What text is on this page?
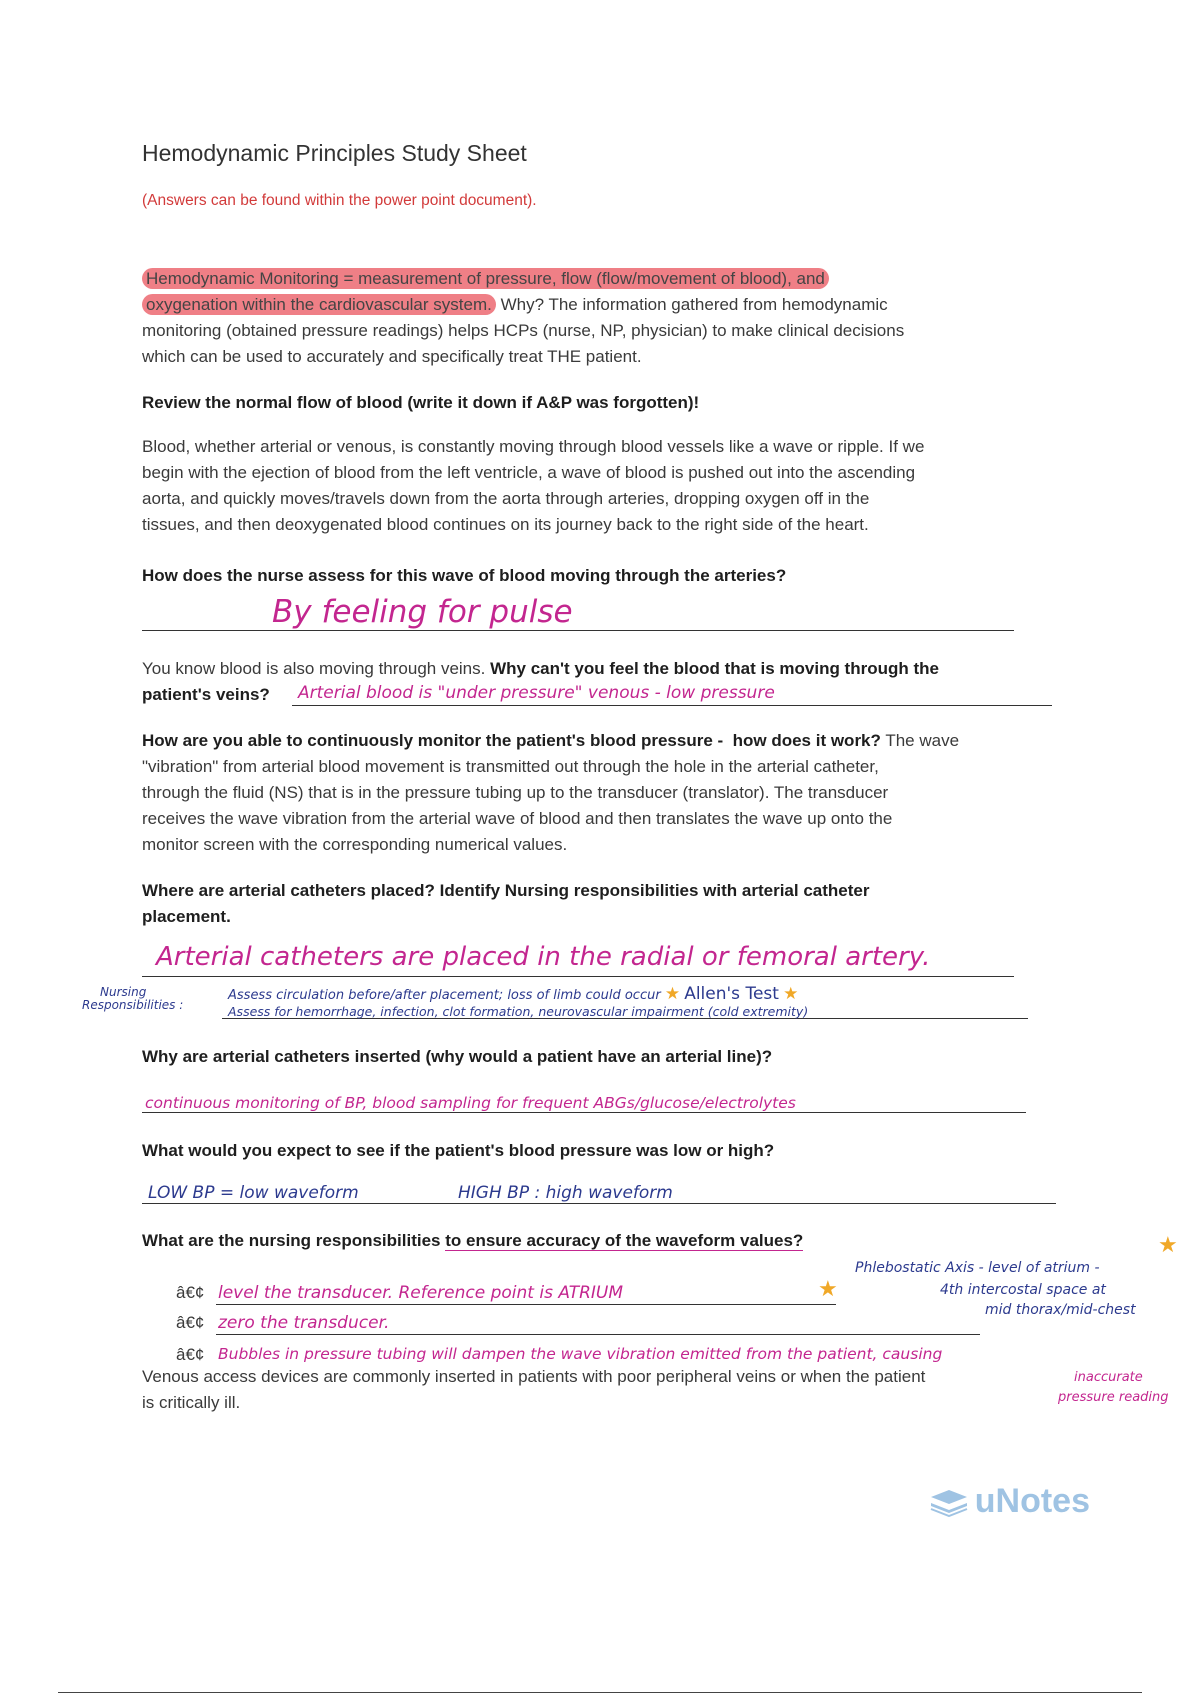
Hemodynamic Principles Study Sheet
(Answers can be found within the power point document).
Hemodynamic Monitoring = measurement of pressure, flow (flow/movement of blood), and
oxygenation within the cardiovascular system. Why? The information gathered from hemodynamic
monitoring (obtained pressure readings) helps HCPs (nurse, NP, physician) to make clinical decisions
which can be used to accurately and specifically treat THE patient.
Review the normal flow of blood (write it down if A&P was forgotten)!
Blood, whether arterial or venous, is constantly moving through blood vessels like a wave or ripple. If we
begin with the ejection of blood from the left ventricle, a wave of blood is pushed out into the ascending
aorta, and quickly moves/travels down from the aorta through arteries, dropping oxygen off in the
tissues, and then deoxygenated blood continues on its journey back to the right side of the heart.
How does the nurse assess for this wave of blood moving through the arteries?
By feeling for pulse
You know blood is also moving through veins. Why can't you feel the blood that is moving through the
patient's veins?	Arterial blood is "under pressure" venous - low pressure
How are you able to continuously monitor the patient's blood pressure - how does it work? The wave
"vibration" from arterial blood movement is transmitted out through the hole in the arterial catheter,
through the fluid (NS) that is in the pressure tubing up to the transducer (translator). The transducer
receives the wave vibration from the arterial wave of blood and then translates the wave up onto the
monitor screen with the corresponding numerical values.
Where are arterial catheters placed? Identify Nursing responsibilities with arterial catheter
placement.
Arterial catheters are placed in the radial or femoral artery.
Nursing
Responsibilities :
Assess circulation before/after placement; loss of limb could occur ★ Allen's Test ★
Assess for hemorrhage, infection, clot formation, neurovascular impairment (cold extremity)
Why are arterial catheters inserted (why would a patient have an arterial line)?
continuous monitoring of BP, blood sampling for frequent ABGs/glucose/electrolytes
What would you expect to see if the patient's blood pressure was low or high?
LOW BP = low waveform	HIGH BP : high waveform
What are the nursing responsibilities to ensure accuracy of the waveform values?	★
â€¢ level the transducer. Reference point is ATRIUM	★
â€¢ zero the transducer.
â€¢ Bubbles in pressure tubing will dampen the wave vibration emitted from the patient, causing
Phlebostatic Axis - level of atrium -
4th intercostal space at
mid thorax/mid-chest
inaccurate
pressure reading
Venous access devices are commonly inserted in patients with poor peripheral veins or when the patient
is critically ill.
uNotes
